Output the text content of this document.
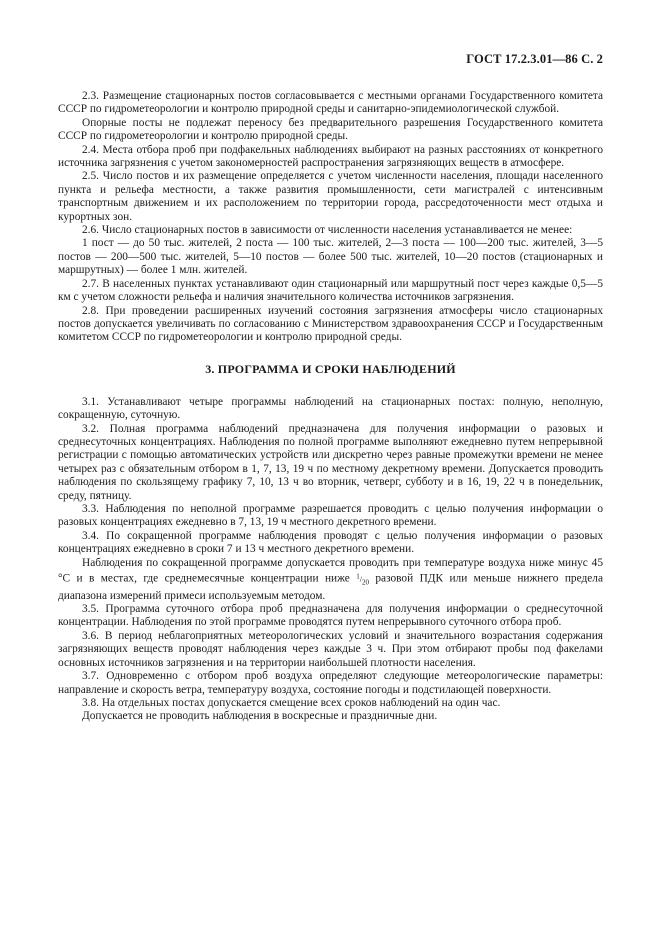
ГОСТ 17.2.3.01—86 С. 2

2.3. Размещение стационарных постов согласовывается с местными органами Государственного комитета СССР по гидрометеорологии и контролю природной среды и санитарно-эпидемиологической службой.

Опорные посты не подлежат переносу без предварительного разрешения Государственного комитета СССР по гидрометеорологии и контролю природной среды.

2.4. Места отбора проб при подфакельных наблюдениях выбирают на разных расстояниях от конкретного источника загрязнения с учетом закономерностей распространения загрязняющих веществ в атмосфере.

2.5. Число постов и их размещение определяется с учетом численности населения, площади населенного пункта и рельефа местности, а также развития промышленности, сети магистралей с интенсивным транспортным движением и их расположением по территории города, рассредоточенности мест отдыха и курортных зон.

2.6. Число стационарных постов в зависимости от численности населения устанавливается не менее:

1 пост — до 50 тыс. жителей, 2 поста — 100 тыс. жителей, 2—3 поста — 100—200 тыс. жителей, 3—5 постов — 200—500 тыс. жителей, 5—10 постов — более 500 тыс. жителей, 10—20 постов (стационарных и маршрутных) — более 1 млн. жителей.

2.7. В населенных пунктах устанавливают один стационарный или маршрутный пост через каждые 0,5—5 км с учетом сложности рельефа и наличия значительного количества источников загрязнения.

2.8. При проведении расширенных изучений состояния загрязнения атмосферы число стационарных постов допускается увеличивать по согласованию с Министерством здравоохранения СССР и Государственным комитетом СССР по гидрометеорологии и контролю природной среды.

3. ПРОГРАММА И СРОКИ НАБЛЮДЕНИЙ

3.1. Устанавливают четыре программы наблюдений на стационарных постах: полную, неполную, сокращенную, суточную.

3.2. Полная программа наблюдений предназначена для получения информации о разовых и среднесуточных концентрациях. Наблюдения по полной программе выполняют ежедневно путем непрерывной регистрации с помощью автоматических устройств или дискретно через равные промежутки времени не менее четырех раз с обязательным отбором в 1, 7, 13, 19 ч по местному декретному времени. Допускается проводить наблюдения по скользящему графику 7, 10, 13 ч во вторник, четверг, субботу и в 16, 19, 22 ч в понедельник, среду, пятницу.

3.3. Наблюдения по неполной программе разрешается проводить с целью получения информации о разовых концентрациях ежедневно в 7, 13, 19 ч местного декретного времени.

3.4. По сокращенной программе наблюдения проводят с целью получения информации о разовых концентрациях ежедневно в сроки 7 и 13 ч местного декретного времени.

Наблюдения по сокращенной программе допускается проводить при температуре воздуха ниже минус 45 °С и в местах, где среднемесячные концентрации ниже $^1/_{20}$ разовой ПДК или меньше нижнего предела диапазона измерений примеси используемым методом.

3.5. Программа суточного отбора проб предназначена для получения информации о среднесуточной концентрации. Наблюдения по этой программе проводятся путем непрерывного суточного отбора проб.

3.6. В период неблагоприятных метеорологических условий и значительного возрастания содержания загрязняющих веществ проводят наблюдения через каждые 3 ч. При этом отбирают пробы под факелами основных источников загрязнения и на территории наибольшей плотности населения.

3.7. Одновременно с отбором проб воздуха определяют следующие метеорологические параметры: направление и скорость ветра, температуру воздуха, состояние погоды и подстилающей поверхности.

3.8. На отдельных постах допускается смещение всех сроков наблюдений на один час.

Допускается не проводить наблюдения в воскресные и праздничные дни.
